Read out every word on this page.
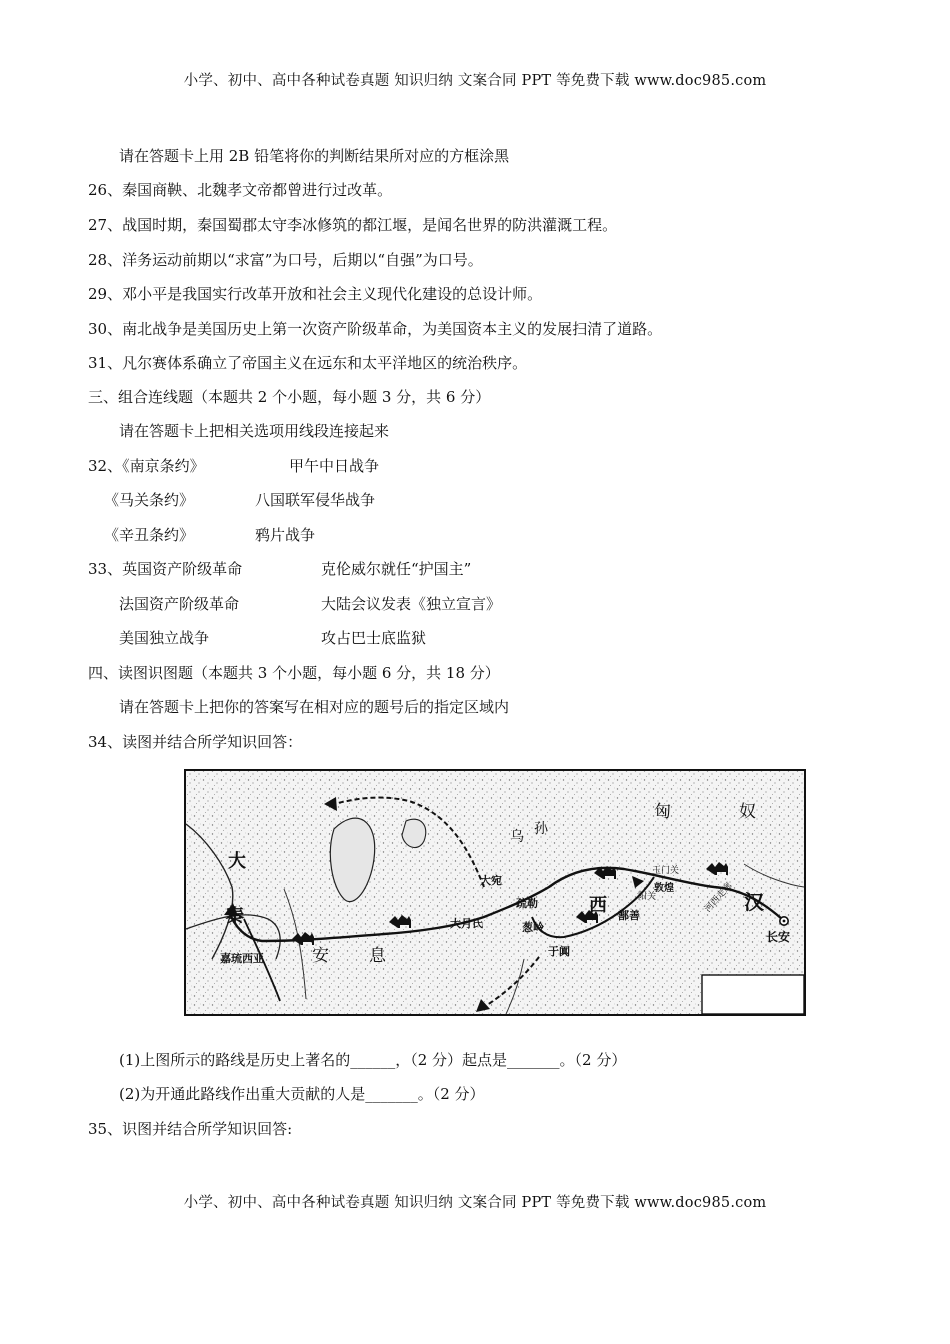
小学、初中、高中各种试卷真题 知识归纳 文案合同 PPT 等免费下载 www.doc985.com
请在答题卡上用 2B 铅笔将你的判断结果所对应的方框涂黑
26、秦国商鞅、北魏孝文帝都曾进行过改革。
27、战国时期，秦国蜀郡太守李冰修筑的都江堰，是闻名世界的防洪灌溉工程。
28、洋务运动前期以“求富”为口号，后期以“自强”为口号。
29、邓小平是我国实行改革开放和社会主义现代化建设的总设计师。
30、南北战争是美国历史上第一次资产阶级革命，为美国资本主义的发展扫清了道路。
31、凡尔赛体系确立了帝国主义在远东和太平洋地区的统治秩序。
三、组合连线题（本题共 2 个小题，每小题 3 分，共 6 分）
请在答题卡上把相关选项用线段连接起来
32、《南京条约》	甲午中日战争
《马关条约》	八国联军侵华战争
《辛丑条约》	鸦片战争
33、英国资产阶级革命	克伦威尔就任“护国主”
法国资产阶级革命	大陆会议发表《独立宣言》
美国独立战争	攻占巴士底监狱
四、读图识图题（本题共 3 个小题，每小题 6 分，共 18 分）
请在答题卡上把你的答案写在相对应的题号后的指定区域内
34、读图并结合所学知识回答：
匈	奴
大
秦
嘉琉西亚	安 息
乌 孙
大宛
疏勒
葱岭
大月氏
于阗
西 鄯善
阳关
敦煌
玉门关
河西走廊 汉
长安
(1)上图所示的路线是历史上著名的______，（2 分）起点是_______。（2 分）
(2)为开通此路线作出重大贡献的人是_______。（2 分）
35、识图并结合所学知识回答:
小学、初中、高中各种试卷真题 知识归纳 文案合同 PPT 等免费下载 www.doc985.com
